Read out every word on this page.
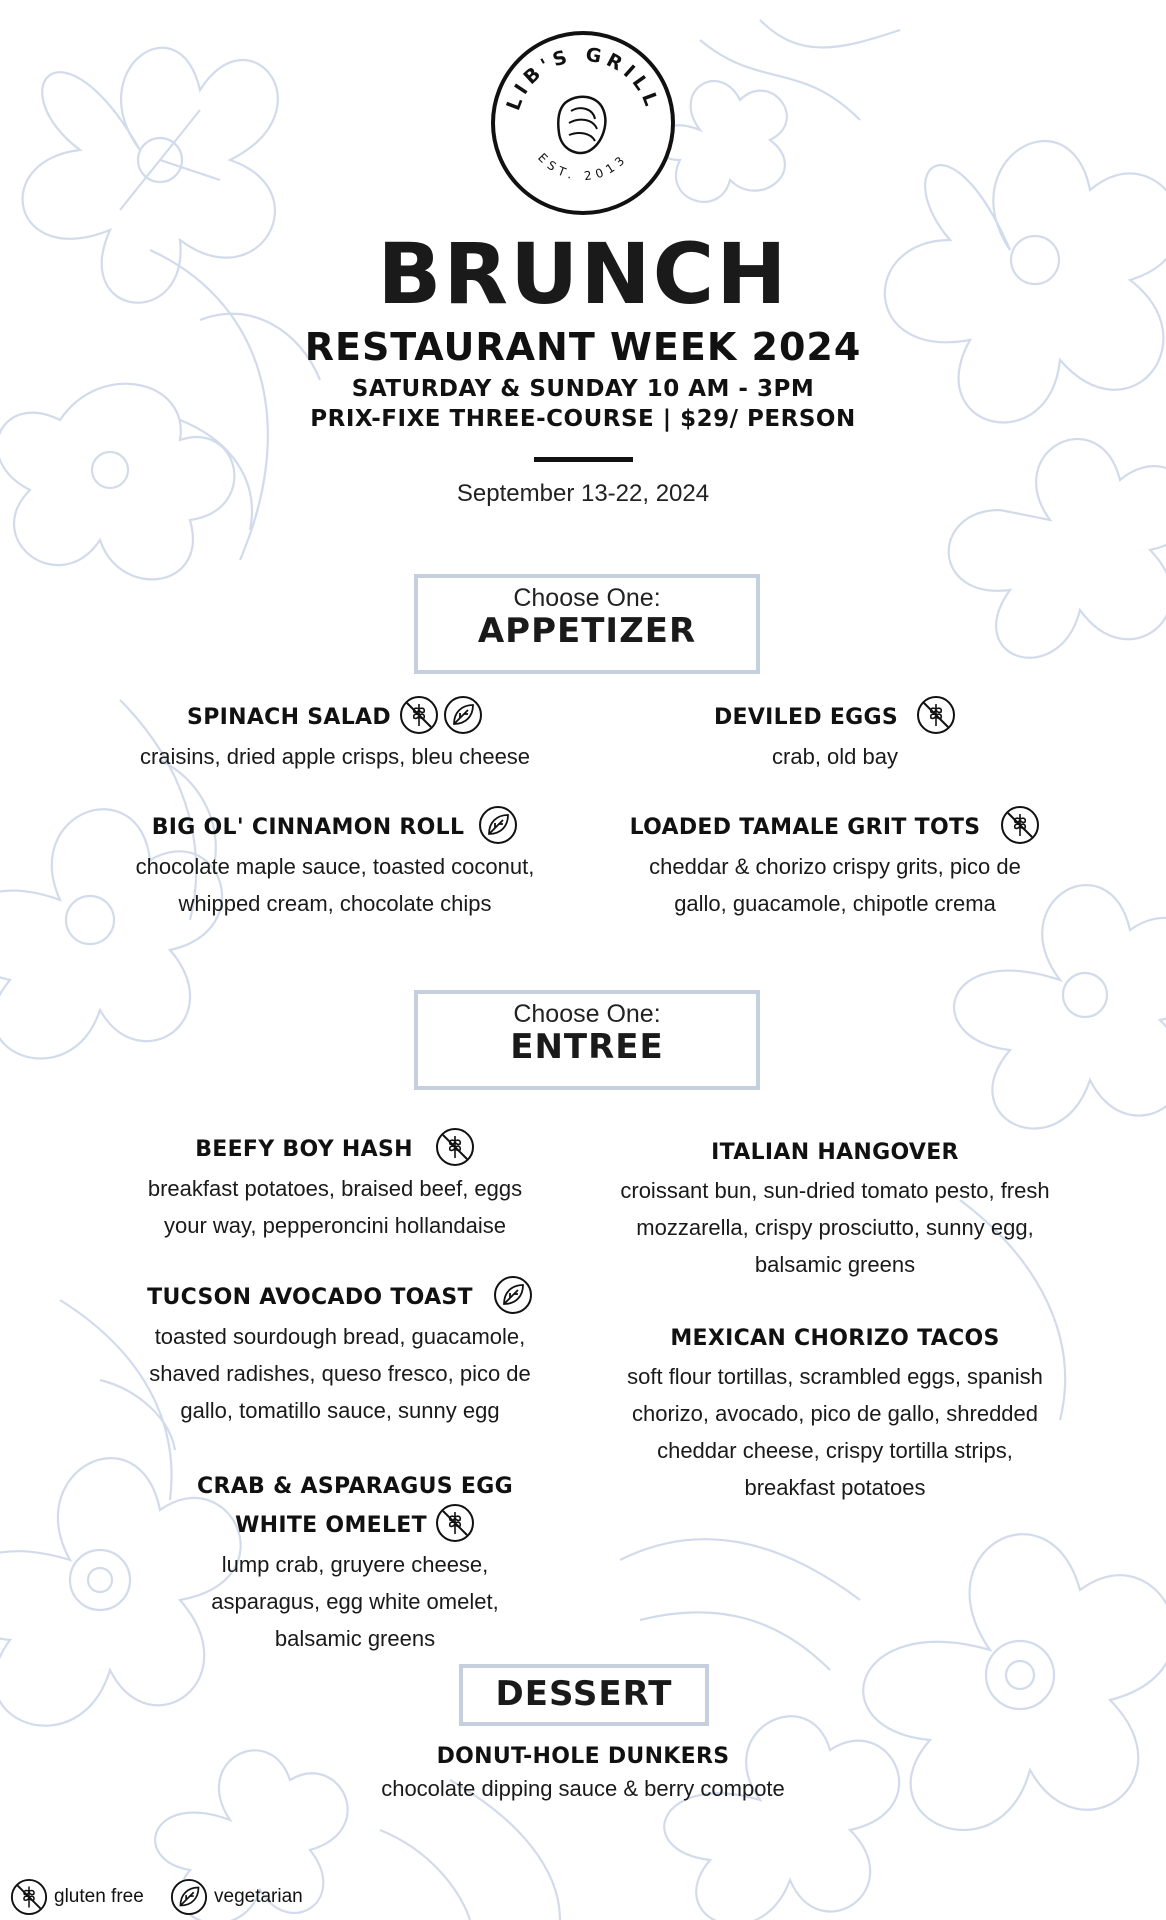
LIB'S GRILL
EST. 2013
BRUNCH
RESTAURANT WEEK 2024
SATURDAY & SUNDAY 10 AM - 3PM
PRIX-FIXE THREE-COURSE | $29/ PERSON
September 13-22, 2024
Choose One:
APPETIZER
SPINACH SALAD
craisins, dried apple crisps, bleu cheese
DEVILED EGGS
crab, old bay
BIG OL' CINNAMON ROLL
chocolate maple sauce, toasted coconut, whipped cream, chocolate chips
LOADED TAMALE GRIT TOTS
cheddar & chorizo crispy grits, pico de gallo, guacamole, chipotle crema
Choose One:
ENTREE
BEEFY BOY HASH
breakfast potatoes, braised beef, eggs your way, pepperoncini hollandaise
ITALIAN HANGOVER
croissant bun, sun-dried tomato pesto, fresh mozzarella, crispy prosciutto, sunny egg, balsamic greens
TUCSON AVOCADO TOAST
toasted sourdough bread, guacamole, shaved radishes, queso fresco, pico de gallo, tomatillo sauce, sunny egg
MEXICAN CHORIZO TACOS
soft flour tortillas, scrambled eggs, spanish chorizo, avocado, pico de gallo, shredded cheddar cheese, crispy tortilla strips, breakfast potatoes
CRAB & ASPARAGUS EGG WHITE OMELET
lump crab, gruyere cheese, asparagus, egg white omelet, balsamic greens
DESSERT
DONUT-HOLE DUNKERS
chocolate dipping sauce & berry compote
gluten free	vegetarian
